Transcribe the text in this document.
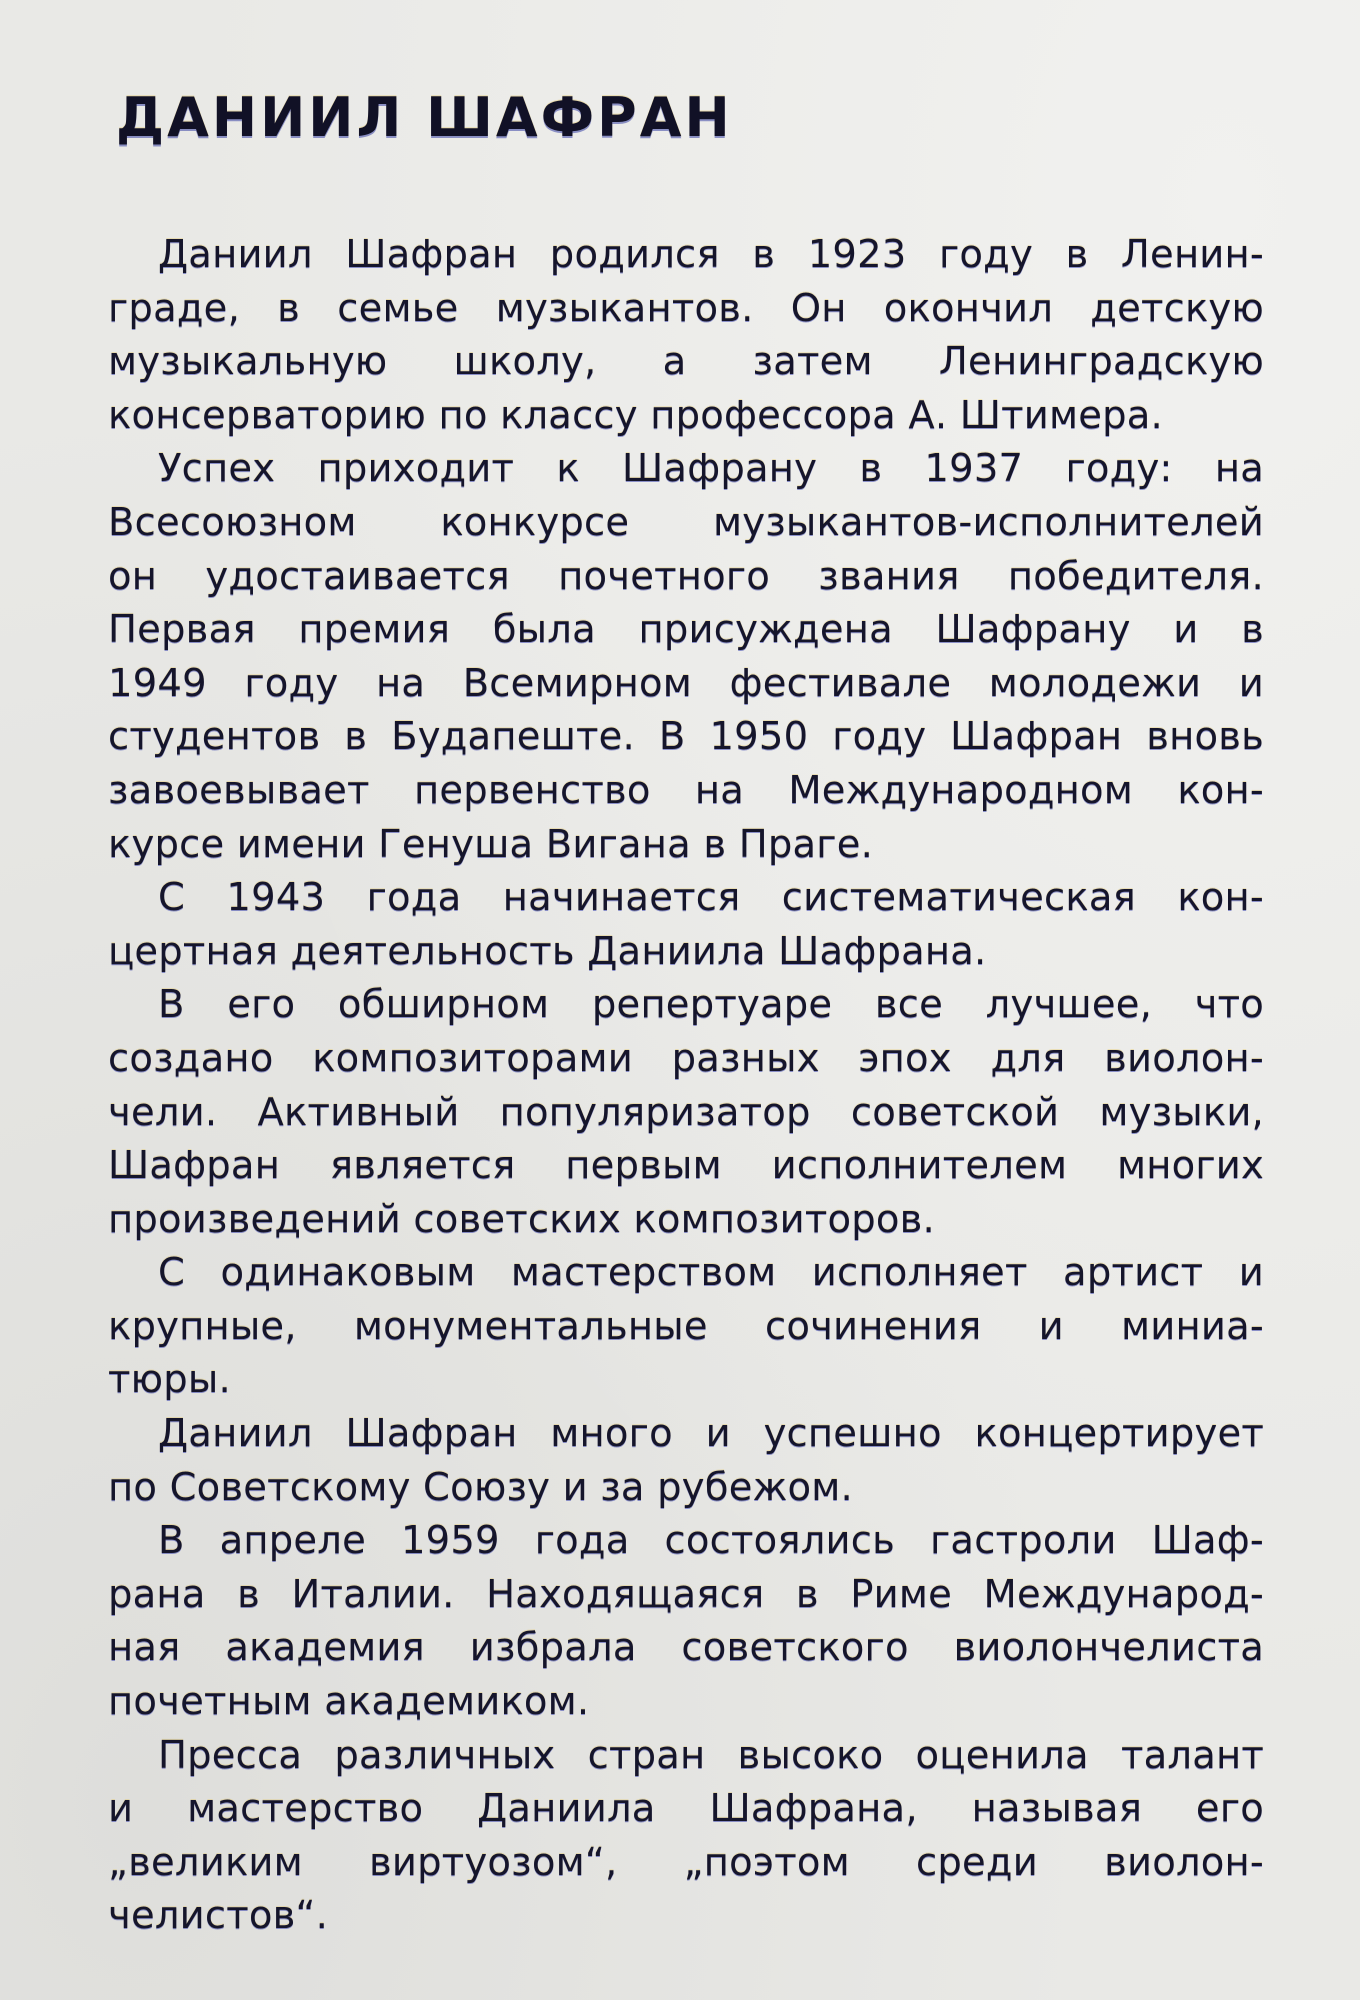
ДАНИИЛ ШАФРАН
Даниил Шафран родился в 1923 году в Ленин-
граде, в семье музыкантов. Он окончил детскую
музыкальную школу, а затем Ленинградскую
консерваторию по классу профессора А. Штимера.
Успех приходит к Шафрану в 1937 году: на
Всесоюзном конкурсе музыкантов-исполнителей
он удостаивается почетного звания победителя.
Первая премия была присуждена Шафрану и в
1949 году на Всемирном фестивале молодежи и
студентов в Будапеште. В 1950 году Шафран вновь
завоевывает первенство на Международном кон-
курсе имени Генуша Вигана в Праге.
С 1943 года начинается систематическая кон-
цертная деятельность Даниила Шафрана.
В его обширном репертуаре все лучшее, что
создано композиторами разных эпох для виолон-
чели. Активный популяризатор советской музыки,
Шафран является первым исполнителем многих
произведений советских композиторов.
С одинаковым мастерством исполняет артист и
крупные, монументальные сочинения и миниа-
тюры.
Даниил Шафран много и успешно концертирует
по Советскому Союзу и за рубежом.
В апреле 1959 года состоялись гастроли Шаф-
рана в Италии. Находящаяся в Риме Международ-
ная академия избрала советского виолончелиста
почетным академиком.
Пресса различных стран высоко оценила талант
и мастерство Даниила Шафрана, называя его
„великим виртуозом“, „поэтом среди виолон-
челистов“.
